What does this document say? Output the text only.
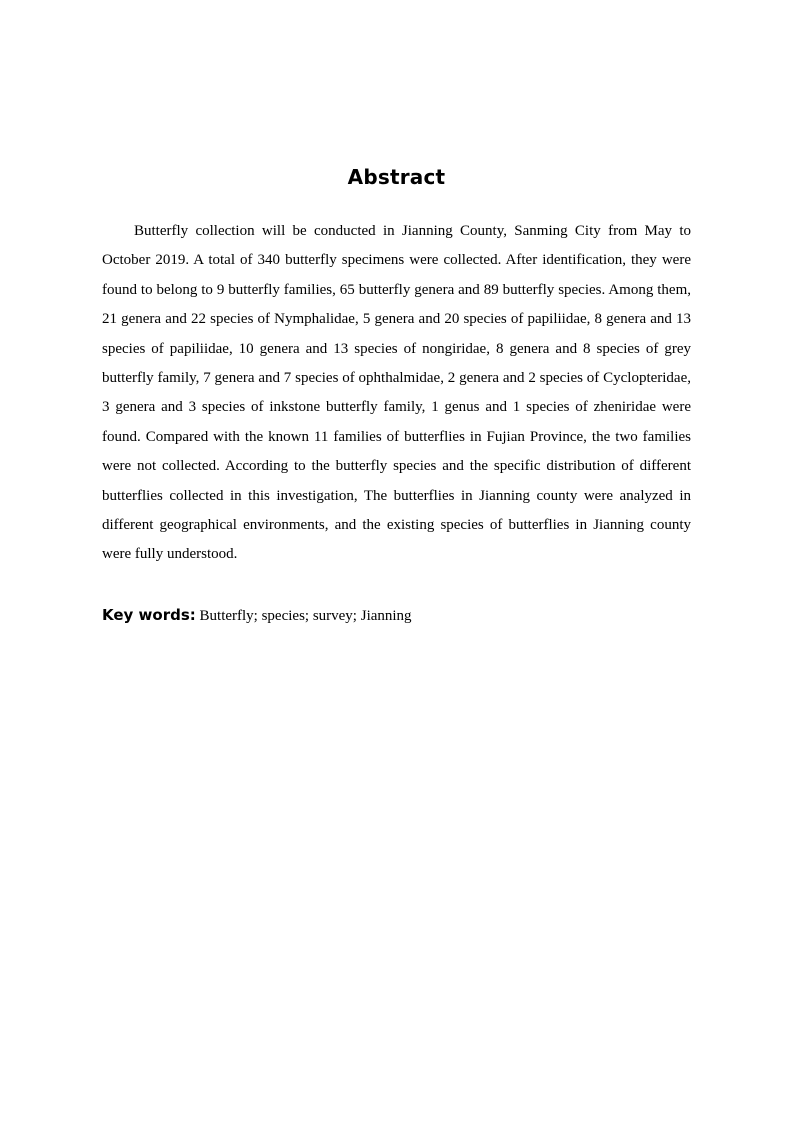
Abstract

Butterfly collection will be conducted in Jianning County, Sanming City from May to October 2019. A total of 340 butterfly specimens were collected. After identification, they were found to belong to 9 butterfly families, 65 butterfly genera and 89 butterfly species. Among them, 21 genera and 22 species of Nymphalidae, 5 genera and 20 species of papiliidae, 8 genera and 13 species of papiliidae, 10 genera and 13 species of nongiridae, 8 genera and 8 species of grey butterfly family, 7 genera and 7 species of ophthalmidae, 2 genera and 2 species of Cyclopteridae, 3 genera and 3 species of inkstone butterfly family, 1 genus and 1 species of zheniridae were found. Compared with the known 11 families of butterflies in Fujian Province, the two families were not collected. According to the butterfly species and the specific distribution of different butterflies collected in this investigation, The butterflies in Jianning county were analyzed in different geographical environments, and the existing species of butterflies in Jianning county were fully understood.

Key words: Butterfly; species; survey; Jianning
